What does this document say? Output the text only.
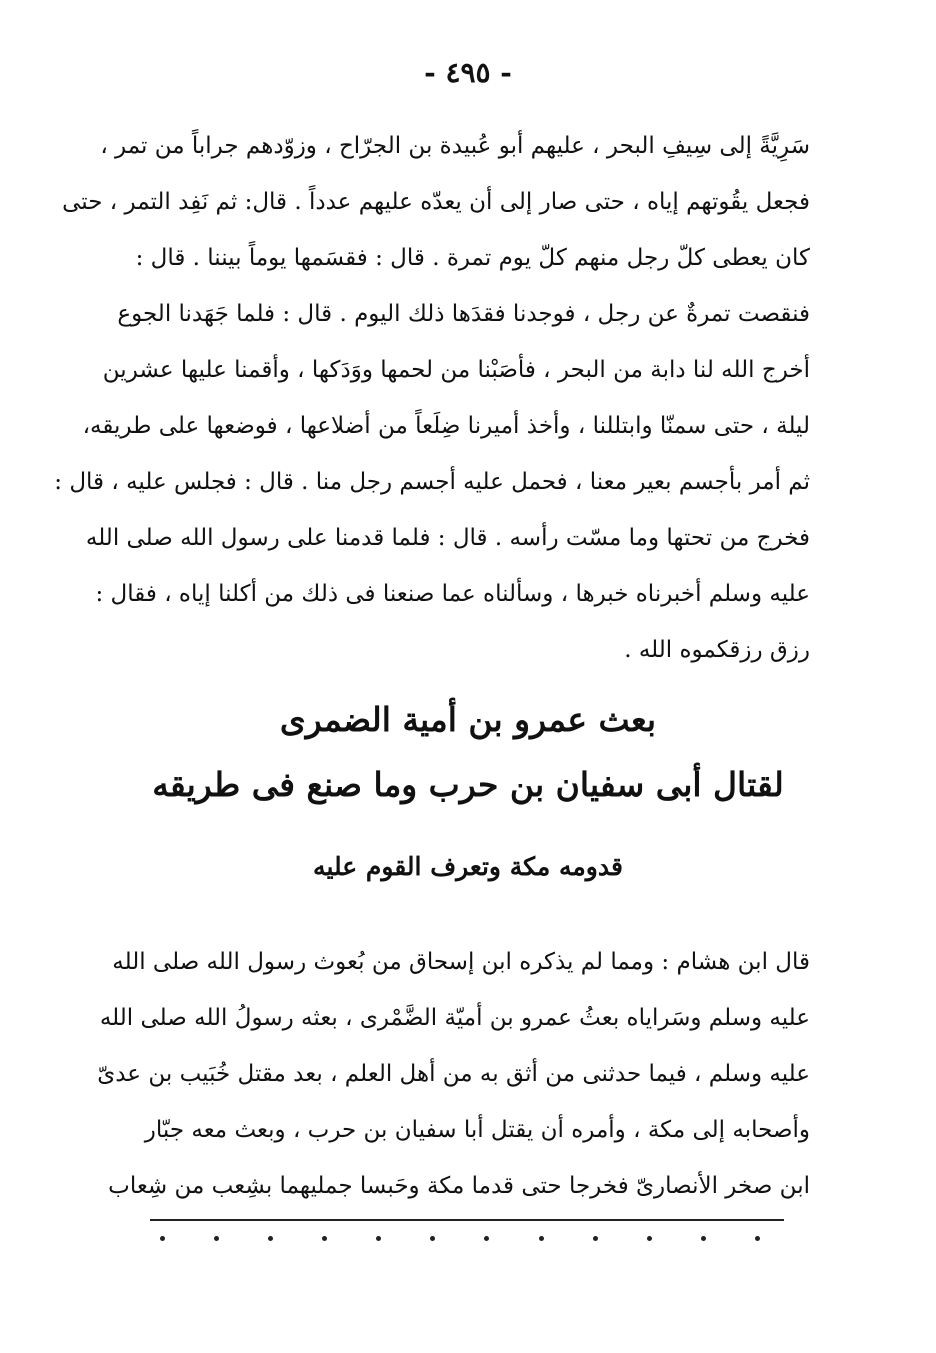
- ٤٩٥ -
سَرِيَّةً إلى سِيفِ البحر ، عليهم أبو عُبيدة بن الجرّاح ، وزوّدهم جراباً من تمر ،
فجعل يقُوتهم إياه ، حتى صار إلى أن يعدّه عليهم عدداً . قال: ثم نَفِد التمر ، حتى
كان يعطى كلّ رجل منهم كلّ يوم تمرة . قال : فقسَمها يوماً بيننا . قال :
فنقصت تمرةٌ عن رجل ، فوجدنا فقدَها ذلك اليوم . قال : فلما جَهَدنا الجوع
أخرج الله لنا دابة من البحر ، فأصَبْنا من لحمها ووَدَكها ، وأقمنا عليها عشرين
ليلة ، حتى سمنّا وابتللنا ، وأخذ أميرنا ضِلَعاً من أضلاعها ، فوضعها على طريقه،
ثم أمر بأجسم بعير معنا ، فحمل عليه أجسم رجل منا . قال : فجلس عليه ، قال :
فخرج من تحتها وما مسّت رأسه . قال : فلما قدمنا على رسول الله صلى الله
عليه وسلم أخبرناه خبرها ، وسألناه عما صنعنا فى ذلك من أكلنا إياه ، فقال :
رزق رزقكموه الله .
بعث عمرو بن أمية الضمرى
لقتال أبى سفيان بن حرب وما صنع فى طريقه
قدومه مكة وتعرف القوم عليه
قال ابن هشام : ومما لم يذكره ابن إسحاق من بُعوث رسول الله صلى الله
عليه وسلم وسَراياه بعثُ عمرو بن أميّة الضَّمْرى ، بعثه رسولُ الله صلى الله
عليه وسلم ، فيما حدثنى من أثق به من أهل العلم ، بعد مقتل خُبَيب بن عدىّ
وأصحابه إلى مكة ، وأمره أن يقتل أبا سفيان بن حرب ، وبعث معه جبّار
ابن صخر الأنصارىّ فخرجا حتى قدما مكة وحَبسا جمليهما بشِعب من شِعاب
